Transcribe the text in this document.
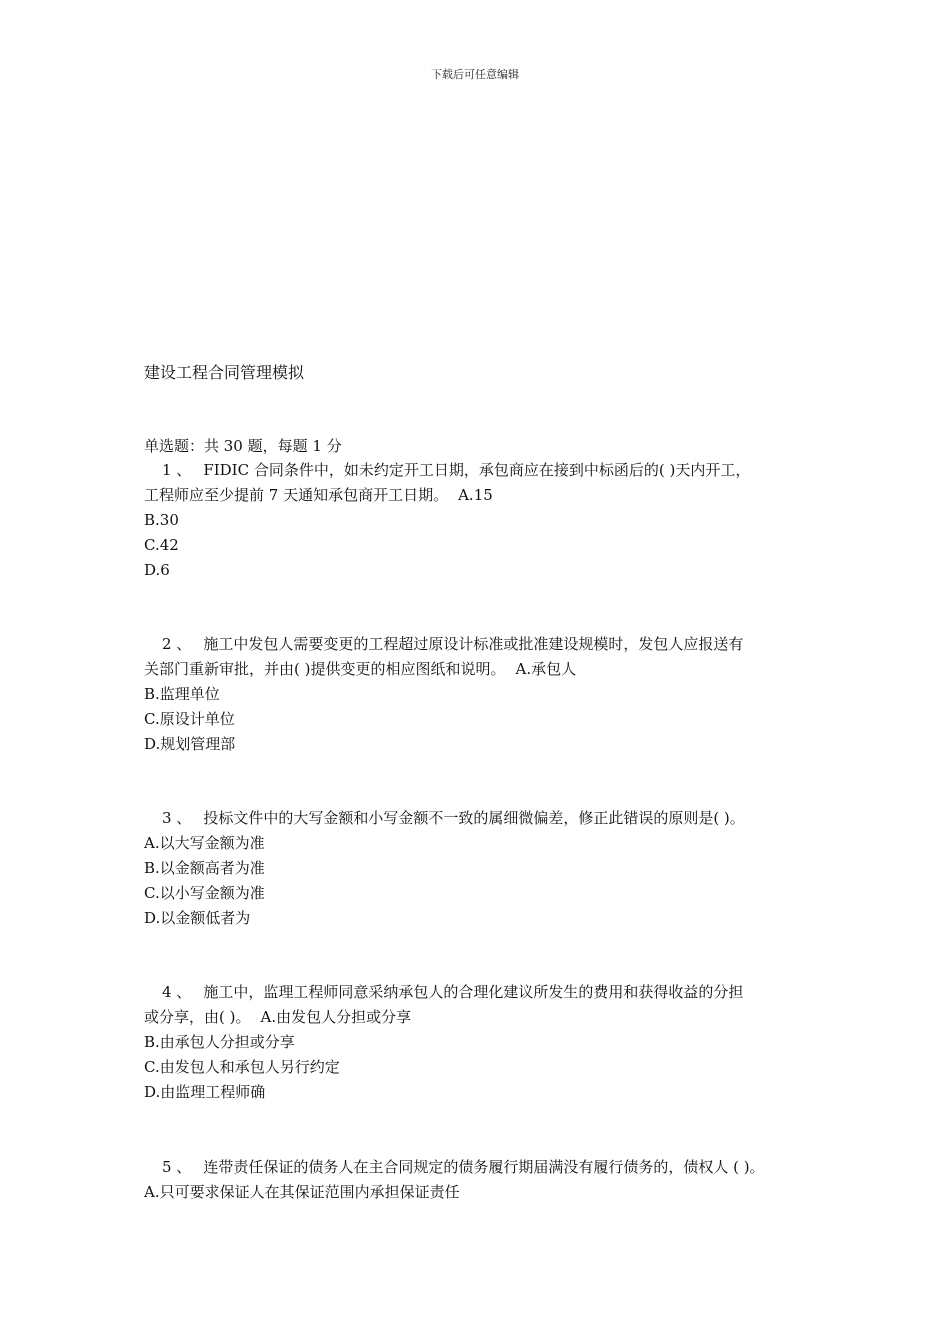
下载后可任意编辑
建设工程合同管理模拟
单选题：共 30 题，每题 1 分
1 、 FIDIC 合同条件中，如未约定开工日期，承包商应在接到中标函后的( )天内开工，
工程师应至少提前 7 天通知承包商开工日期。 A.15
B.30
C.42
D.6
2 、 施工中发包人需要变更的工程超过原设计标准或批准建设规模时，发包人应报送有
关部门重新审批，并由( )提供变更的相应图纸和说明。 A.承包人
B.监理单位
C.原设计单位
D.规划管理部
3 、 投标文件中的大写金额和小写金额不一致的属细微偏差，修正此错误的原则是( )。
A.以大写金额为准
B.以金额高者为准
C.以小写金额为准
D.以金额低者为
4 、 施工中，监理工程师同意采纳承包人的合理化建议所发生的费用和获得收益的分担
或分享，由( )。 A.由发包人分担或分享
B.由承包人分担或分享
C.由发包人和承包人另行约定
D.由监理工程师确
5 、 连带责任保证的债务人在主合同规定的债务履行期届满没有履行债务的，债权人 ( )。
A.只可要求保证人在其保证范围内承担保证责任
